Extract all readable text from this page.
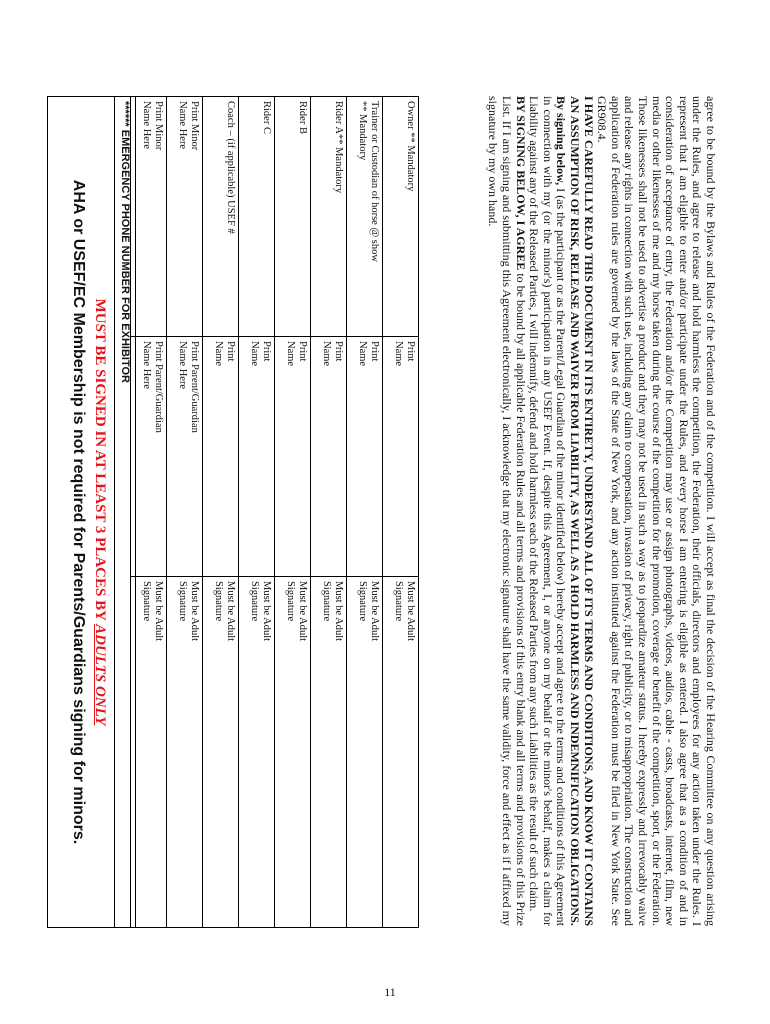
agree to be bound by the Bylaws and Rules of the Federation and of the competition. I will accept as final the decision of the Hearing Committee on any question arising under the Rules, and agree to release and hold harmless the competition, the Federation, their officials, directors and employees for any action taken under the Rules. I represent that I am eligible to enter and/or participate under the Rules, and every horse I am entering is eligible as entered. I also agree that as a condition of and in consideration of acceptance of entry, the Federation and/or the Competition may use or assign photographs, videos, audios, cable - casts, broadcasts, internet, film, new media or other likenesses of me and my horse taken during the course of the competition for the promotion, coverage or benefit of the competition, sport, or the Federation. Those likenesses shall not be used to advertise a product and they may not be used in such a way as to jeopardize amateur status. I hereby expressly and irrevocably waive and release any rights in connection with such use, including any claim to compensation, invasion of privacy, right of publicity, or to misappropriation. The construction and application of Federation rules are governed by the laws of the State of New York, and any action instituted against the Federation must be filed in New York State. See GR908.4.

I HAVE CAREFULLY READ THIS DOCUMENT IN ITS ENTIRETY, UNDERSTAND ALL OF ITS TERMS AND CONDITIONS, AND KNOW IT CONTAINS AN ASSUMPTION OF RISK, RELEASE AND WAIVER FROM LIABILITY, AS WELL AS A HOLD HARMLESS AND INDEMNIFICATION OBLIGATIONS.

By signing below, I (as the participant or as the Parent/Legal Guardian of the minor identified below) hereby accept and agree to the terms and conditions of this Agreement in connection with my (or the minor's) participation in any USEF Event. If, despite this Agreement, I, or anyone on my behalf or the minor's behalf, makes a claim for Liability against any of the Released Parties, I will indemnify, defend and hold harmless each of the Released Parties from any such Liabilities as the result of such claim.

BY SIGNING BELOW, I AGREE to be bound by all applicable Federation Rules and all terms and provisions of this entry blank and all terms and provisions of this Prize List. If I am signing and submitting this Agreement electronically, I acknowledge that my electronic signature shall have the same validity, force and effect as if I affixed my signature by my own hand.

Owner ** Mandatory
Print
Name
Must be Adult
Signature
Trainer or Custodian of horse @ show
** Mandatory
Print
Name
Must be Adult
Signature
Rider A** Mandatory
Print
Name
Must be Adult
Signature
Rider B
Print
Name
Must be Adult
Signature
Rider C
Print
Name
Must be Adult
Signature
Coach – (if applicable) USEF #
Print
Name
Must be Adult
Signature
Print Minor
Name Here
Print Parent/Guardian
Name Here
Must be Adult
Signature
Print Minor
Name Here
Print Parent/Guardian
Name Here
Must be Adult
Signature
****** EMERGENCY PHONE NUMBER FOR EXHIBITOR
MUST BE SIGNED IN AT LEAST 3 PLACES BY ADULTS ONLY
AHA or USEF/EC Membership is not required for Parents/Guardians signing for minors.
11
